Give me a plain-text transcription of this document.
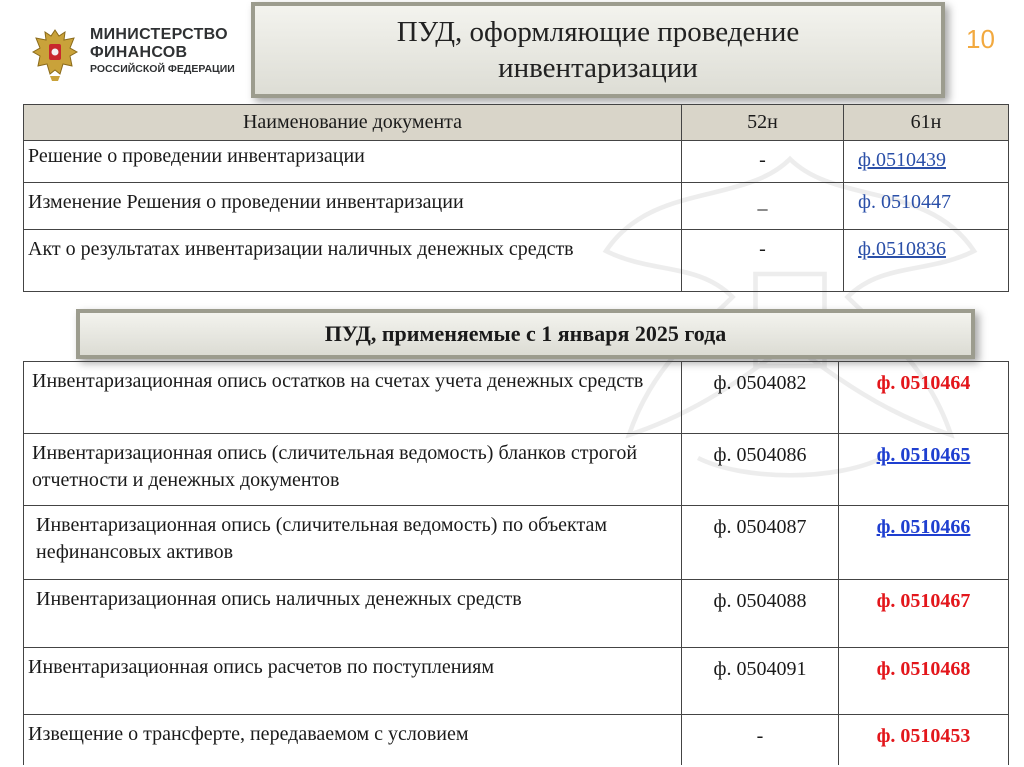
МИНИСТЕРСТВО
ФИНАНСОВ
РОССИЙСКОЙ ФЕДЕРАЦИИ
ПУД, оформляющие проведение
инвентаризации
10
Наименование документа	52н	61н
Решение о проведении инвентаризации	-	ф.0510439
Изменение Решения о проведении инвентаризации	_	ф. 0510447
Акт о результатах инвентаризации наличных денежных средств	-	ф.0510836
ПУД, применяемые с 1 января 2025 года
Инвентаризационная опись остатков на счетах учета денежных средств	ф. 0504082	ф. 0510464
Инвентаризационная опись (сличительная ведомость) бланков строгой отчетности и денежных документов	ф. 0504086	ф. 0510465
Инвентаризационная опись (сличительная ведомость) по объектам нефинансовых активов	ф. 0504087	ф. 0510466
Инвентаризационная опись наличных денежных средств	ф. 0504088	ф. 0510467
Инвентаризационная опись расчетов по поступлениям	ф. 0504091	ф. 0510468
Извещение о трансферте, передаваемом с условием	-	ф. 0510453
